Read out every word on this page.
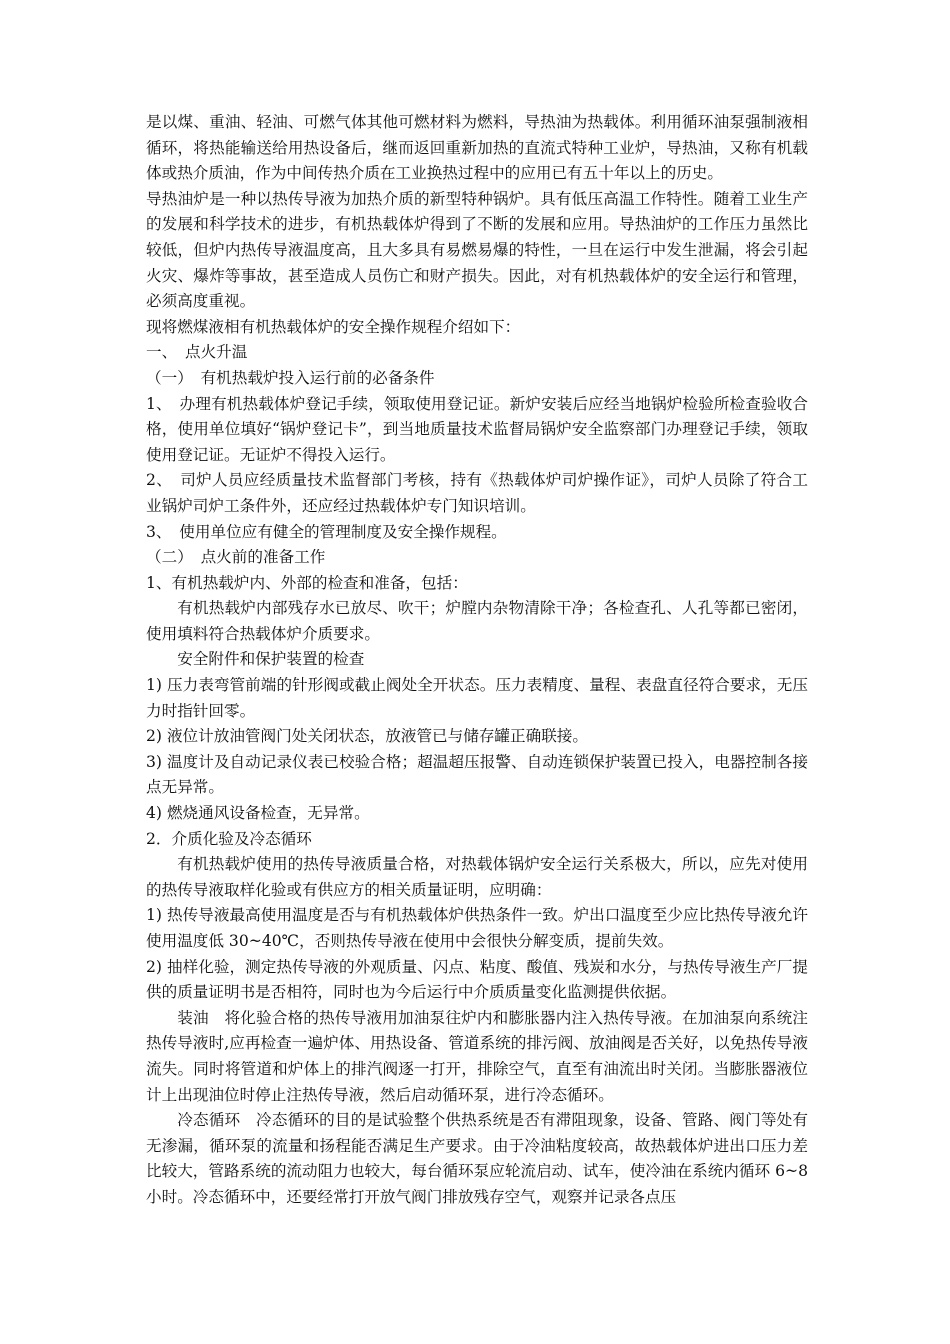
是以煤、重油、轻油、可燃气体其他可燃材料为燃料，导热油为热载体。利用循环油泵强制液相循环，将热能输送给用热设备后，继而返回重新加热的直流式特种工业炉，导热油，又称有机载体或热介质油，作为中间传热介质在工业换热过程中的应用已有五十年以上的历史。

导热油炉是一种以热传导液为加热介质的新型特种锅炉。具有低压高温工作特性。随着工业生产的发展和科学技术的进步，有机热载体炉得到了不断的发展和应用。导热油炉的工作压力虽然比较低，但炉内热传导液温度高，且大多具有易燃易爆的特性，一旦在运行中发生泄漏，将会引起火灾、爆炸等事故，甚至造成人员伤亡和财产损失。因此，对有机热载体炉的安全运行和管理，必须高度重视。

现将燃煤液相有机热载体炉的安全操作规程介绍如下：

一、　点火升温

（一）　有机热载炉投入运行前的必备条件

1、　办理有机热载体炉登记手续，领取使用登记证。新炉安装后应经当地锅炉检验所检查验收合格，使用单位填好“锅炉登记卡”，到当地质量技术监督局锅炉安全监察部门办理登记手续，领取使用登记证。无证炉不得投入运行。

2、　司炉人员应经质量技术监督部门考核，持有《热载体炉司炉操作证》，司炉人员除了符合工业锅炉司炉工条件外，还应经过热载体炉专门知识培训。

3、　使用单位应有健全的管理制度及安全操作规程。

（二）　点火前的准备工作

1、有机热载炉内、外部的检查和准备，包括：

有机热载炉内部残存水已放尽、吹干；炉膛内杂物清除干净；各检查孔、人孔等都已密闭，使用填料符合热载体炉介质要求。

安全附件和保护装置的检查

1) 压力表弯管前端的针形阀或截止阀处全开状态。压力表精度、量程、表盘直径符合要求，无压力时指针回零。

2) 液位计放油管阀门处关闭状态，放液管已与储存罐正确联接。

3) 温度计及自动记录仪表已校验合格；超温超压报警、自动连锁保护装置已投入，电器控制各接点无异常。

4) 燃烧通风设备检查，无异常。

2．介质化验及冷态循环

有机热载炉使用的热传导液质量合格，对热载体锅炉安全运行关系极大，所以，应先对使用的热传导液取样化验或有供应方的相关质量证明，应明确：

1) 热传导液最高使用温度是否与有机热载体炉供热条件一致。炉出口温度至少应比热传导液允许使用温度低 30~40℃，否则热传导液在使用中会很快分解变质，提前失效。

2) 抽样化验，测定热传导液的外观质量、闪点、粘度、酸值、残炭和水分，与热传导液生产厂提供的质量证明书是否相符，同时也为今后运行中介质质量变化监测提供依据。

装油　将化验合格的热传导液用加油泵往炉内和膨胀器内注入热传导液。在加油泵向系统注热传导液时,应再检查一遍炉体、用热设备、管道系统的排污阀、放油阀是否关好，以免热传导液流失。同时将管道和炉体上的排汽阀逐一打开，排除空气，直至有油流出时关闭。当膨胀器液位计上出现油位时停止注热传导液，然后启动循环泵，进行冷态循环。

冷态循环　冷态循环的目的是试验整个供热系统是否有滞阻现象，设备、管路、阀门等处有无渗漏，循环泵的流量和扬程能否满足生产要求。由于冷油粘度较高，故热载体炉进出口压力差比较大，管路系统的流动阻力也较大，每台循环泵应轮流启动、试车，使冷油在系统内循环 6~8 小时。冷态循环中，还要经常打开放气阀门排放残存空气，观察并记录各点压
